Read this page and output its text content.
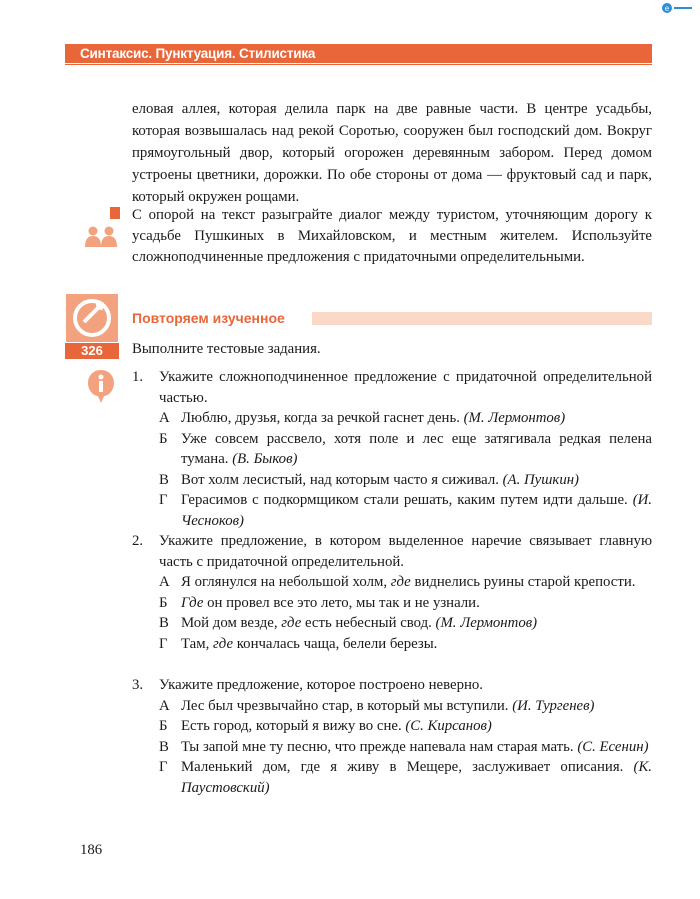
e
Синтаксис. Пунктуация. Стилистика

еловая аллея, которая делила парк на две равные части. В центре усадьбы, которая возвышалась над рекой Соротью, сооружен был господский дом. Вокруг прямоугольный двор, который огорожен деревянным забором. Перед домом устроены цветники, дорожки. По обе стороны от дома — фруктовый сад и парк, который окружен рощами.

С опорой на текст разыграйте диалог между туристом, уточняющим дорогу к усадьбе Пушкиных в Михайловском, и местным жителем. Используйте сложноподчиненные предложения с придаточными определительными.
Повторяем изученное
326	Выполните тестовые задания.
1. Укажите сложноподчиненное предложение с придаточной определительной частью.
А Люблю, друзья, когда за речкой гаснет день. (М. Лермонтов)
Б Уже совсем рассвело, хотя поле и лес еще затягивала редкая пелена тумана. (В. Быков)
В Вот холм лесистый, над которым часто я сиживал. (А. Пушкин)
Г Герасимов с подкормщиком стали решать, каким путем идти дальше. (И. Чесноков)
2. Укажите предложение, в котором выделенное наречие связывает главную часть с придаточной определительной.
А Я оглянулся на небольшой холм, где виднелись руины старой крепости.
Б Где он провел все это лето, мы так и не узнали.
В Мой дом везде, где есть небесный свод. (М. Лермонтов)
Г Там, где кончалась чаща, белели березы.
3. Укажите предложение, которое построено неверно.
А Лес был чрезвычайно стар, в который мы вступили. (И. Тургенев)
Б Есть город, который я вижу во сне. (С. Кирсанов)
В Ты запой мне ту песню, что прежде напевала нам старая мать. (С. Есенин)
Г Маленький дом, где я живу в Мещере, заслуживает описания. (К. Паустовский)
186
